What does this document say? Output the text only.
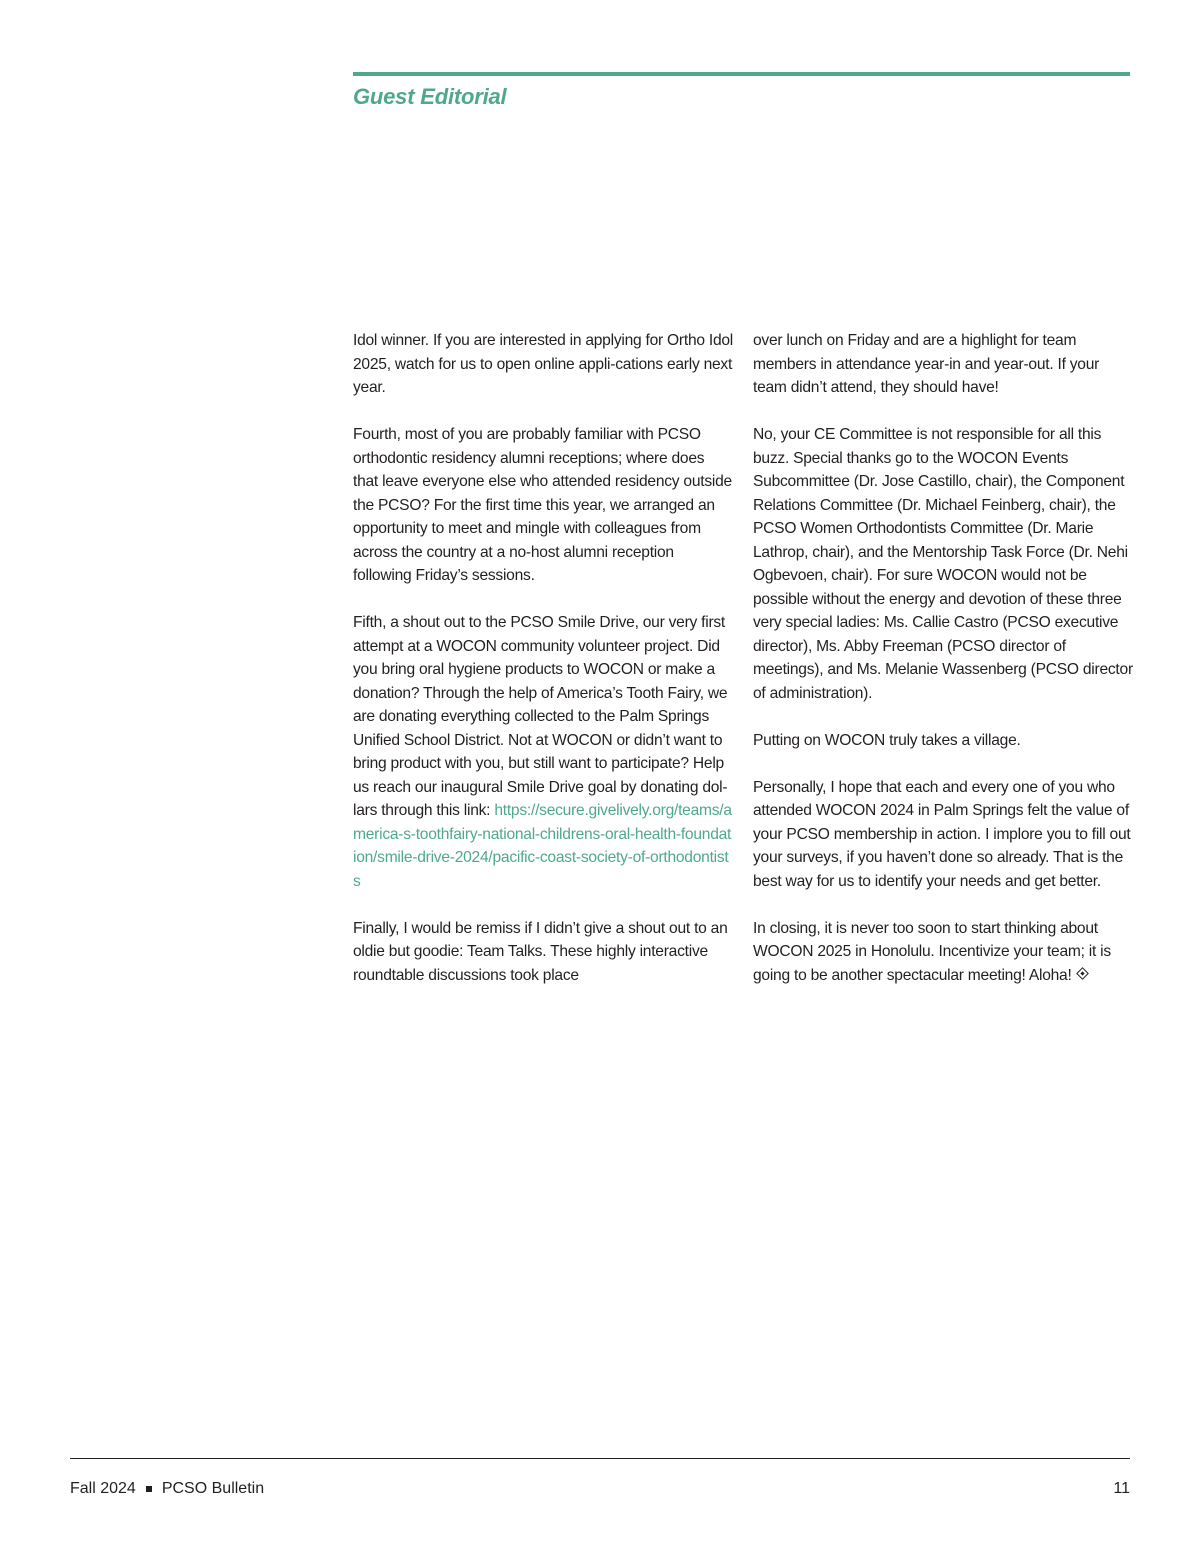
Guest Editorial

Idol winner. If you are interested in applying for Ortho Idol 2025, watch for us to open online appli-cations early next year.

Fourth, most of you are probably familiar with PCSO orthodontic residency alumni receptions; where does that leave everyone else who attended residency outside the PCSO? For the first time this year, we arranged an opportunity to meet and mingle with colleagues from across the country at a no-host alumni reception following Friday’s sessions.

Fifth, a shout out to the PCSO Smile Drive, our very first attempt at a WOCON community volunteer project. Did you bring oral hygiene products to WOCON or make a donation? Through the help of America’s Tooth Fairy, we are donating everything collected to the Palm Springs Unified School District. Not at WOCON or didn’t want to bring product with you, but still want to participate? Help us reach our inaugural Smile Drive goal by donating dol-lars through this link: https://secure.givelively.org/teams/america-s-toothfairy-national-childrens-oral-health-foundation/smile-drive-2024/pacific-coast-society-of-orthodontists

Finally, I would be remiss if I didn’t give a shout out to an oldie but goodie: Team Talks. These highly interactive roundtable discussions took place

over lunch on Friday and are a highlight for team members in attendance year-in and year-out. If your team didn’t attend, they should have!

No, your CE Committee is not responsible for all this buzz. Special thanks go to the WOCON Events Subcommittee (Dr. Jose Castillo, chair), the Component Relations Committee (Dr. Michael Feinberg, chair), the PCSO Women Orthodontists Committee (Dr. Marie Lathrop, chair), and the Mentorship Task Force (Dr. Nehi Ogbevoen, chair). For sure WOCON would not be possible without the energy and devotion of these three very special ladies: Ms. Callie Castro (PCSO executive director), Ms. Abby Freeman (PCSO director of meetings), and Ms. Melanie Wassenberg (PCSO director of administration).

Putting on WOCON truly takes a village.

Personally, I hope that each and every one of you who attended WOCON 2024 in Palm Springs felt the value of your PCSO membership in action. I implore you to fill out your surveys, if you haven’t done so already. That is the best way for us to identify your needs and get better.

In closing, it is never too soon to start thinking about WOCON 2025 in Honolulu. Incentivize your team; it is going to be another spectacular meeting! Aloha!

Fall 2024 PCSO Bulletin	11
